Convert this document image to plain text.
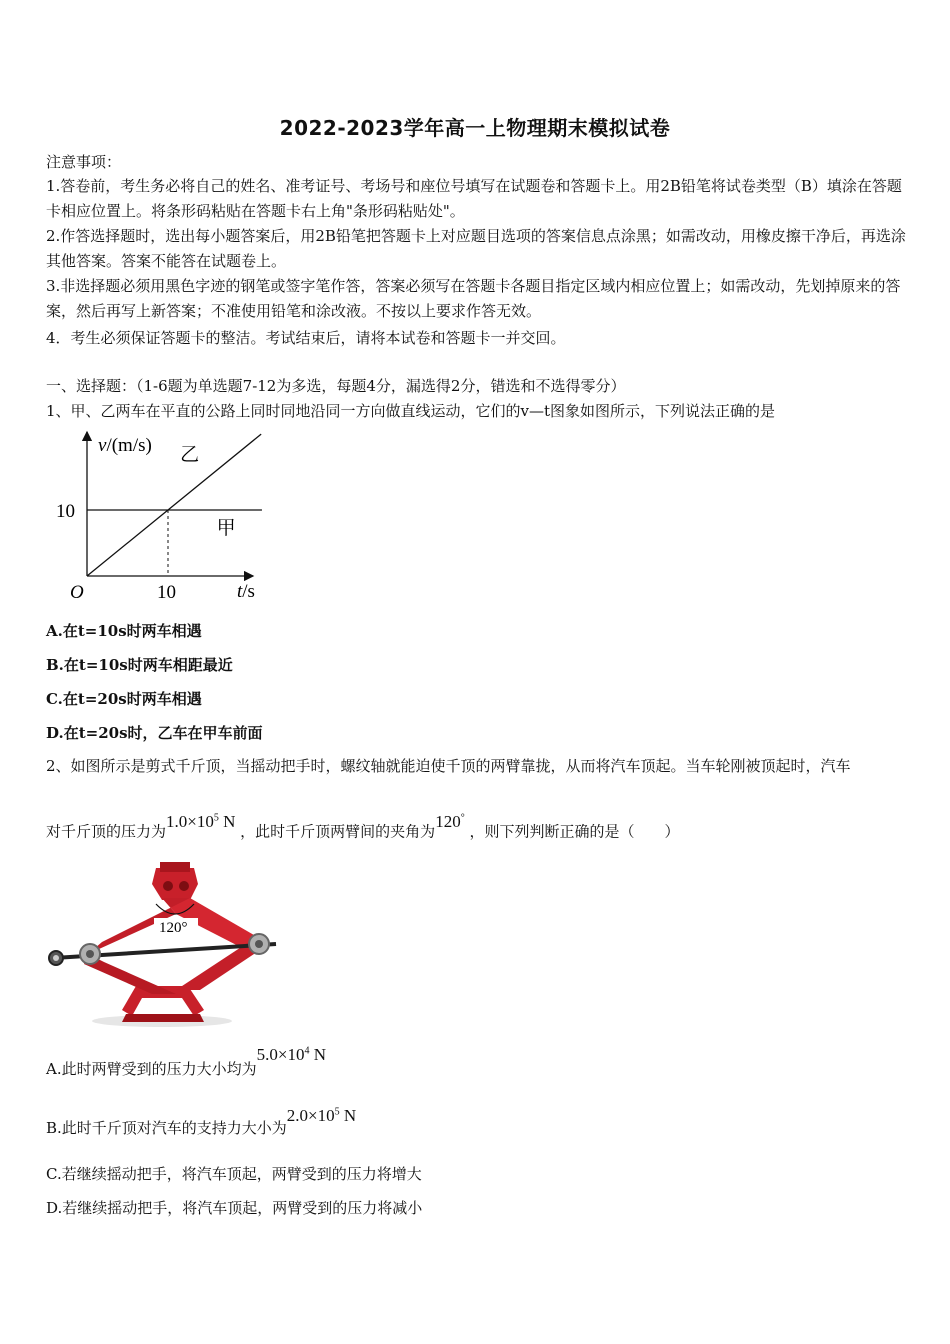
2022-2023学年高一上物理期末模拟试卷
注意事项：
1.答卷前，考生务必将自己的姓名、准考证号、考场号和座位号填写在试题卷和答题卡上。用2B铅笔将试卷类型（B）填涂在答题卡相应位置上。将条形码粘贴在答题卡右上角"条形码粘贴处"。
2.作答选择题时，选出每小题答案后，用2B铅笔把答题卡上对应题目选项的答案信息点涂黑；如需改动，用橡皮擦干净后，再选涂其他答案。答案不能答在试题卷上。
3.非选择题必须用黑色字迹的钢笔或签字笔作答，答案必须写在答题卡各题目指定区域内相应位置上；如需改动，先划掉原来的答案，然后再写上新答案；不准使用铅笔和涂改液。不按以上要求作答无效。
4．考生必须保证答题卡的整洁。考试结束后，请将本试卷和答题卡一并交回。
一、选择题：（1-6题为单选题7-12为多选，每题4分，漏选得2分，错选和不选得零分）
1、甲、乙两车在平直的公路上同时同地沿同一方向做直线运动，它们的v—t图象如图所示，下列说法正确的是
甲
乙
10
10
v/(m/s)
t/s
O
A.在t=10s时两车相遇
B.在t=10s时两车相距最近
C.在t=20s时两车相遇
D.在t=20s时，乙车在甲车前面
2、如图所示是剪式千斤顶，当摇动把手时，螺纹轴就能迫使千顶的两臂靠拢，从而将汽车顶起。当车轮刚被顶起时，汽车
对千斤顶的压力为$1.0\times 10^5$ N ，此时千斤顶两臂间的夹角为120° ，则下列判断正确的是（　　）
120°
A.此时两臂受到的压力大小均为$5.0\times 10^4$ N
B.此时千斤顶对汽车的支持力大小为$2.0\times 10^5$ N
C.若继续摇动把手，将汽车顶起，两臂受到的压力将增大
D.若继续摇动把手，将汽车顶起，两臂受到的压力将减小
